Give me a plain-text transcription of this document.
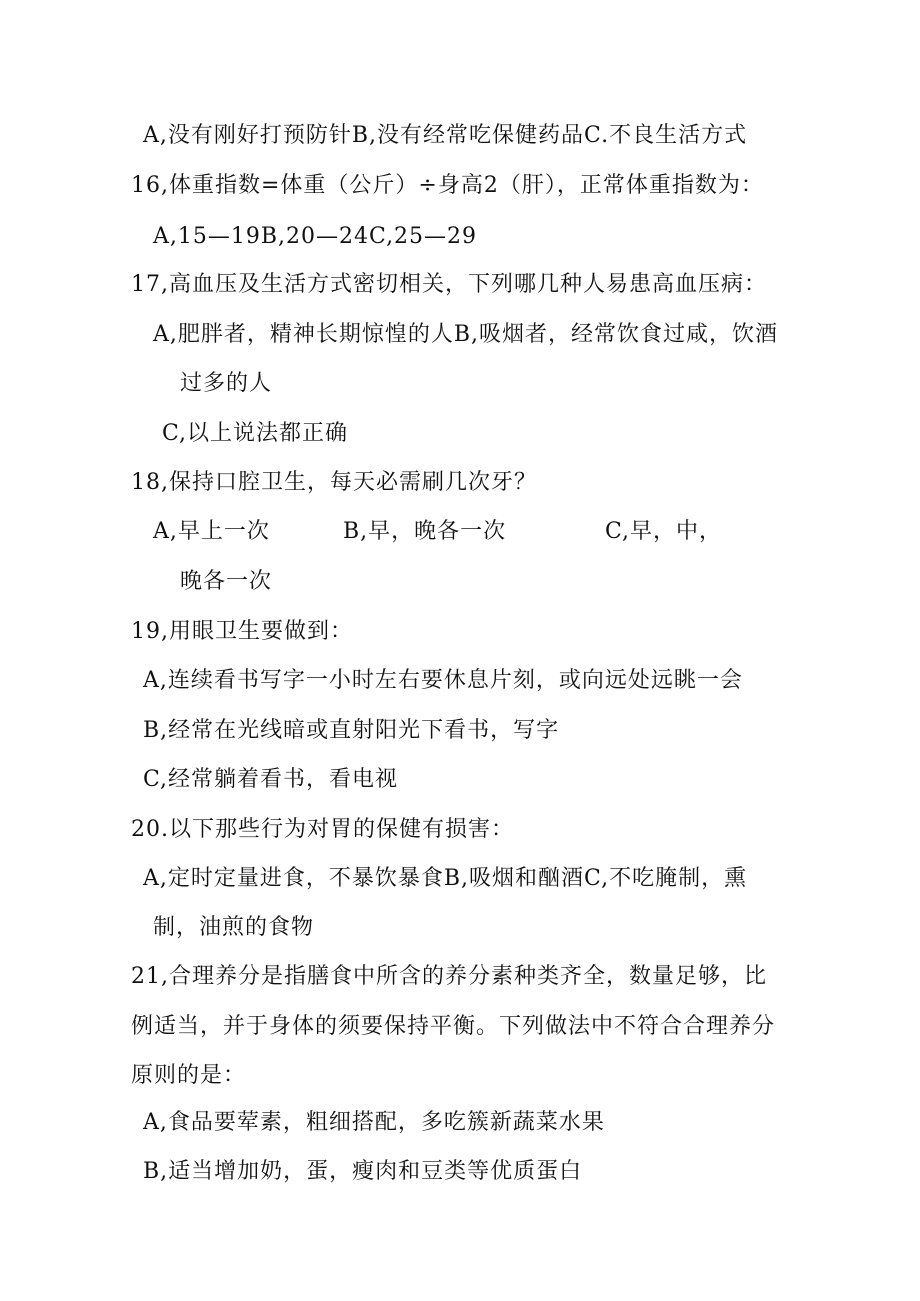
A,没有刚好打预防针B,没有经常吃保健药品C.不良生活方式
16,体重指数=体重（公斤）÷身高2（肝），正常体重指数为：
A,15—19B,20—24C,25—29
17,高血压及生活方式密切相关，下列哪几种人易患高血压病：
A,肥胖者，精神长期惊惶的人B,吸烟者，经常饮食过咸，饮酒
过多的人
C,以上说法都正确
18,保持口腔卫生，每天必需刷几次牙？
A,早上一次	B,早，晚各一次	C,早，中，
晚各一次
19,用眼卫生要做到：
A,连续看书写字一小时左右要休息片刻，或向远处远眺一会
B,经常在光线暗或直射阳光下看书，写字
C,经常躺着看书，看电视
20.以下那些行为对胃的保健有损害：
A,定时定量进食，不暴饮暴食B,吸烟和酗酒C,不吃腌制，熏
制，油煎的食物
21,合理养分是指膳食中所含的养分素种类齐全，数量足够，比
例适当，并于身体的须要保持平衡。下列做法中不符合合理养分
原则的是：
A,食品要荤素，粗细搭配，多吃簇新蔬菜水果
B,适当增加奶，蛋，瘦肉和豆类等优质蛋白
